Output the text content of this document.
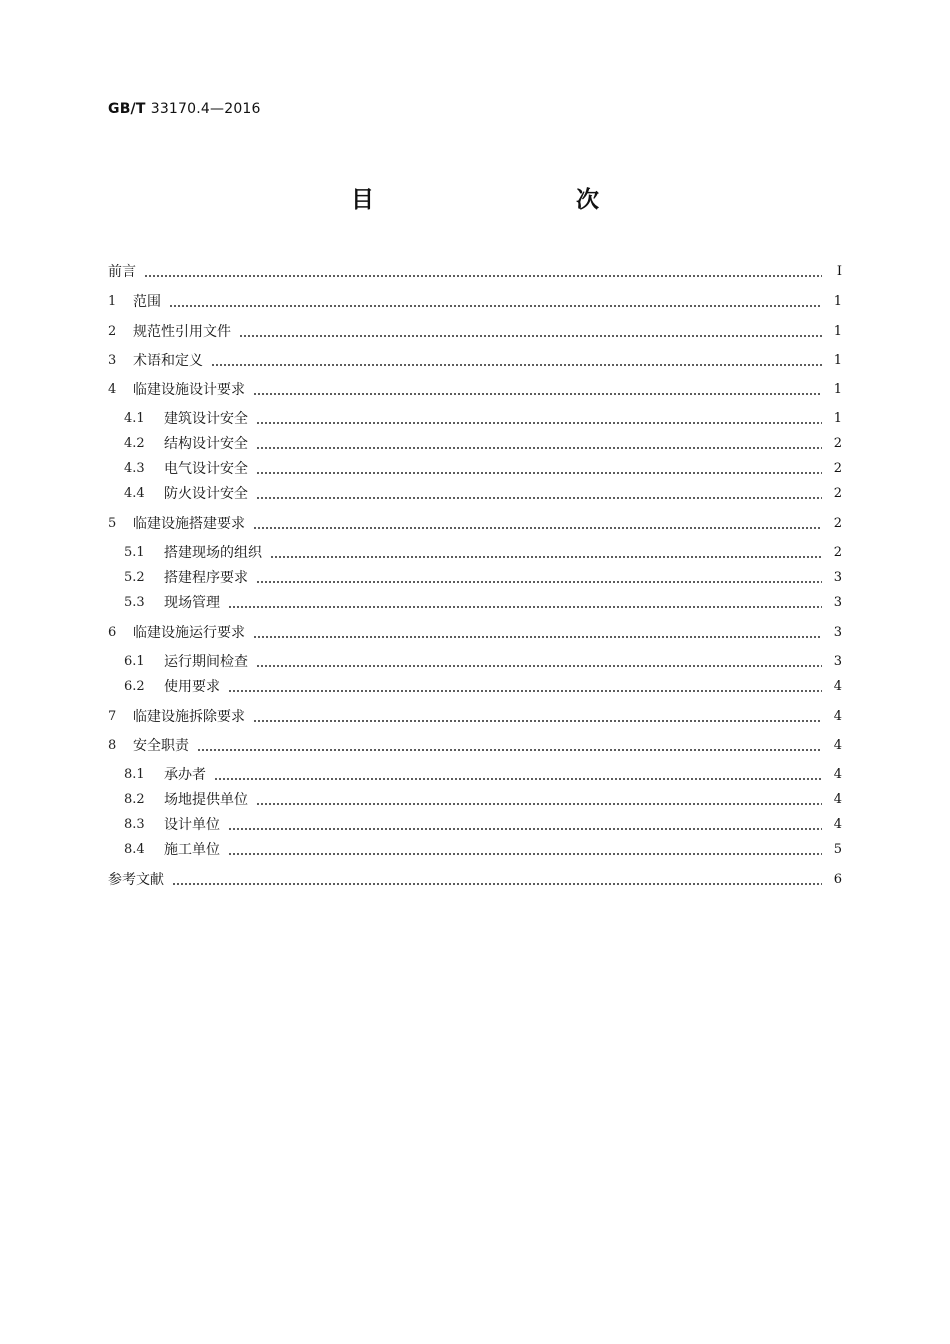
GB/T 33170.4—2016
目　　次
前言	Ⅰ
1	范围	1
2	规范性引用文件	1
3	术语和定义	1
4	临建设施设计要求	1
4.1	建筑设计安全	1
4.2	结构设计安全	2
4.3	电气设计安全	2
4.4	防火设计安全	2
5	临建设施搭建要求	2
5.1	搭建现场的组织	2
5.2	搭建程序要求	3
5.3	现场管理	3
6	临建设施运行要求	3
6.1	运行期间检查	3
6.2	使用要求	4
7	临建设施拆除要求	4
8	安全职责	4
8.1	承办者	4
8.2	场地提供单位	4
8.3	设计单位	4
8.4	施工单位	5
参考文献	6
